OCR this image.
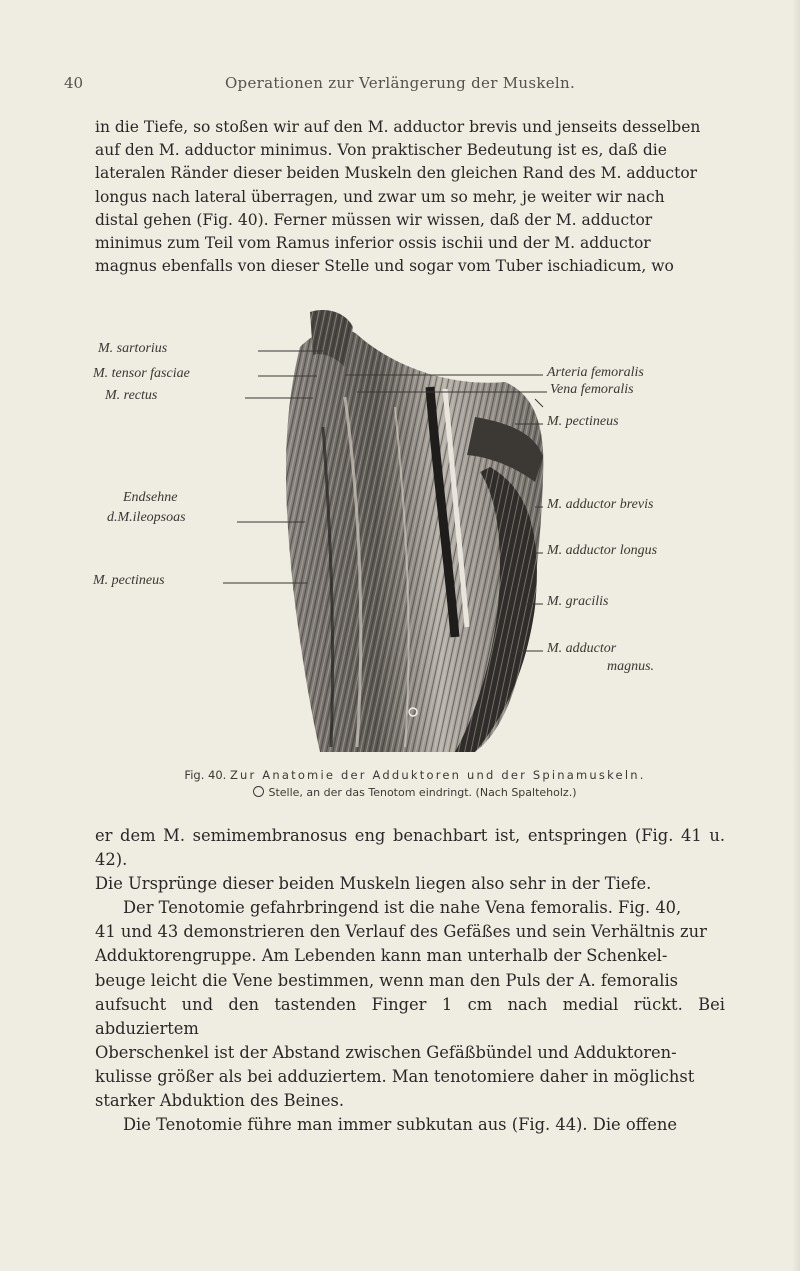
40	Operationen zur Verlängerung der Muskeln.
in die Tiefe, so stoßen wir auf den M. adductor brevis und jenseits desselben
auf den M. adductor minimus. Von praktischer Bedeutung ist es, daß die
lateralen Ränder dieser beiden Muskeln den gleichen Rand des M. adductor
longus nach lateral überragen, und zwar um so mehr, je weiter wir nach
distal gehen (Fig. 40). Ferner müssen wir wissen, daß der M. adductor
minimus zum Teil vom Ramus inferior ossis ischii und der M. adductor
magnus ebenfalls von dieser Stelle und sogar vom Tuber ischiadicum, wo
M. sartorius
M. tensor fasciae
M. rectus
Endsehne
d.M.ileopsoas
M. pectineus
Arteria femoralis
Vena femoralis
M. pectineus
M. adductor brevis
M. adductor longus
M. gracilis
M. adductor
magnus.
Fig. 40. Zur Anatomie der Adduktoren und der Spinamuskeln.
Stelle, an der das Tenotom eindringt. (Nach Spalteholz.)
er dem M. semimembranosus eng benachbart ist, entspringen (Fig. 41 u. 42).
Die Ursprünge dieser beiden Muskeln liegen also sehr in der Tiefe.
Der Tenotomie gefahrbringend ist die nahe Vena femoralis. Fig. 40,
41 und 43 demonstrieren den Verlauf des Gefäßes und sein Verhältnis zur
Adduktorengruppe. Am Lebenden kann man unterhalb der Schenkel-
beuge leicht die Vene bestimmen, wenn man den Puls der A. femoralis
aufsucht und den tastenden Finger 1 cm nach medial rückt. Bei abduziertem
Oberschenkel ist der Abstand zwischen Gefäßbündel und Adduktoren-
kulisse größer als bei adduziertem. Man tenotomiere daher in möglichst
starker Abduktion des Beines.
Die Tenotomie führe man immer subkutan aus (Fig. 44). Die offene
